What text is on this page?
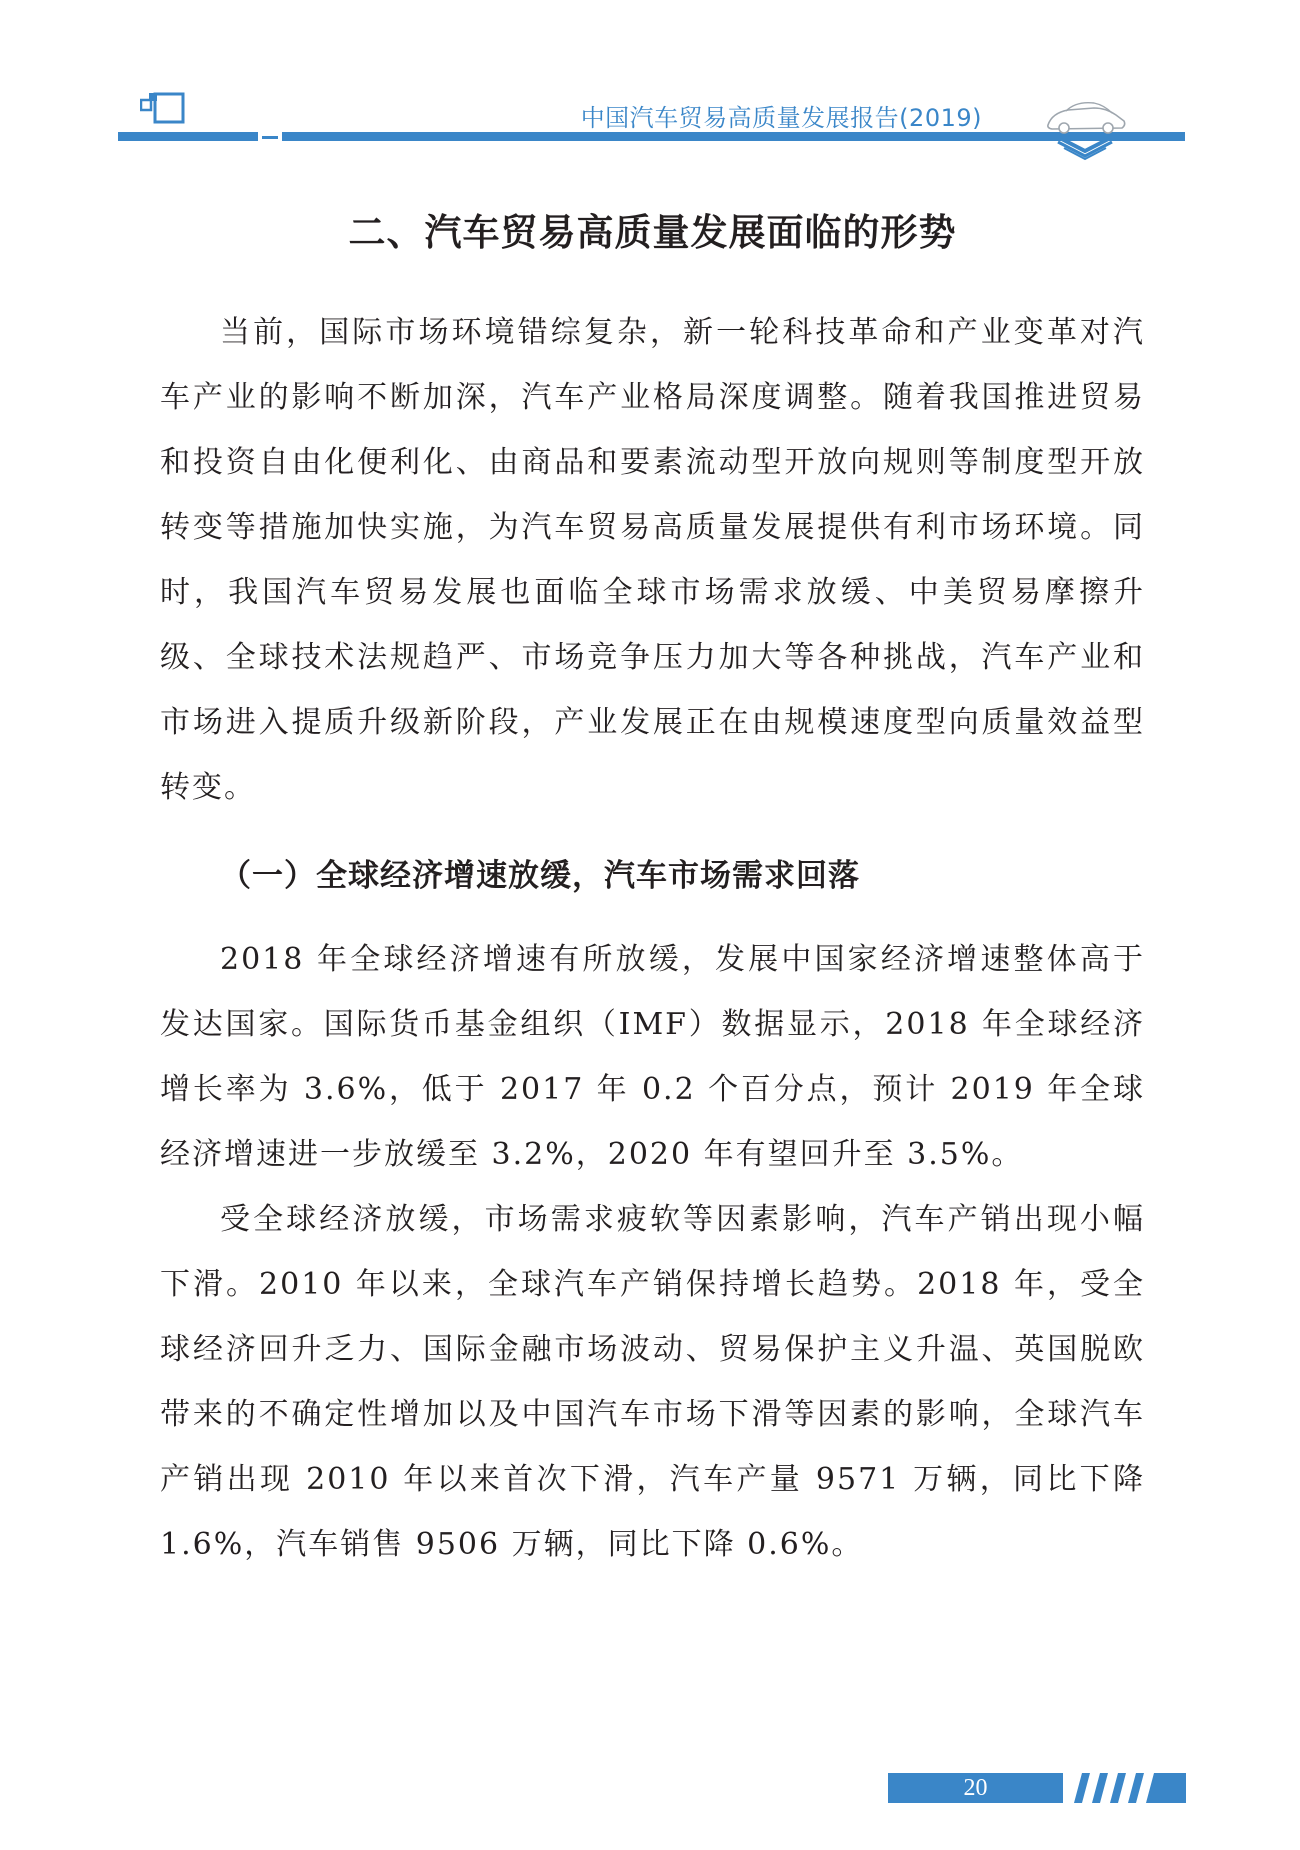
中国汽车贸易高质量发展报告(2019)
二、汽车贸易高质量发展面临的形势

当前，国际市场环境错综复杂，新一轮科技革命和产业变革对汽车产业的影响不断加深，汽车产业格局深度调整。随着我国推进贸易和投资自由化便利化、由商品和要素流动型开放向规则等制度型开放转变等措施加快实施，为汽车贸易高质量发展提供有利市场环境。同时，我国汽车贸易发展也面临全球市场需求放缓、中美贸易摩擦升级、全球技术法规趋严、市场竞争压力加大等各种挑战，汽车产业和市场进入提质升级新阶段，产业发展正在由规模速度型向质量效益型转变。

（一）全球经济增速放缓，汽车市场需求回落

2018 年全球经济增速有所放缓，发展中国家经济增速整体高于发达国家。国际货币基金组织（IMF）数据显示，2018 年全球经济增长率为 3.6%，低于 2017 年 0.2 个百分点，预计 2019 年全球经济增速进一步放缓至 3.2%，2020 年有望回升至 3.5%。

受全球经济放缓，市场需求疲软等因素影响，汽车产销出现小幅下滑。2010 年以来，全球汽车产销保持增长趋势。2018 年，受全球经济回升乏力、国际金融市场波动、贸易保护主义升温、英国脱欧带来的不确定性增加以及中国汽车市场下滑等因素的影响，全球汽车产销出现 2010 年以来首次下滑，汽车产量 9571 万辆，同比下降 1.6%，汽车销售 9506 万辆，同比下降 0.6%。

20
